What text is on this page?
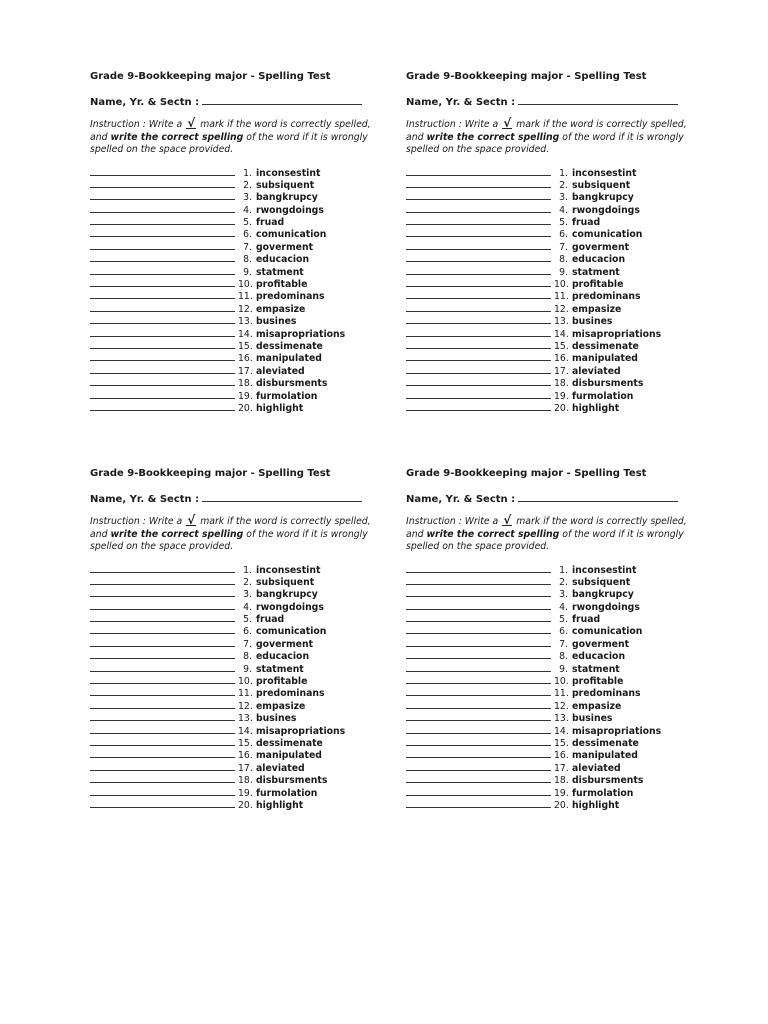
Grade 9-Bookkeeping major - Spelling Test
Name, Yr. & Sectn :
Instruction : Write a √ mark if the word is correctly spelled, and write the correct spelling of the word if it is wrongly spelled on the space provided.
1. inconsestint
2. subsiquent
3. bangkrupcy
4. rwongdoings
5. fruad
6. comunication
7. goverment
8. educacion
9. statment
10. profitable
11. predominans
12. empasize
13. busines
14. misapropriations
15. dessimenate
16. manipulated
17. aleviated
18. disbursments
19. furmolation
20. highlight
Grade 9-Bookkeeping major - Spelling Test
Name, Yr. & Sectn :
Instruction : Write a √ mark if the word is correctly spelled, and write the correct spelling of the word if it is wrongly spelled on the space provided.
1. inconsestint
2. subsiquent
3. bangkrupcy
4. rwongdoings
5. fruad
6. comunication
7. goverment
8. educacion
9. statment
10. profitable
11. predominans
12. empasize
13. busines
14. misapropriations
15. dessimenate
16. manipulated
17. aleviated
18. disbursments
19. furmolation
20. highlight
Grade 9-Bookkeeping major - Spelling Test
Name, Yr. & Sectn :
Instruction : Write a √ mark if the word is correctly spelled, and write the correct spelling of the word if it is wrongly spelled on the space provided.
1. inconsestint
2. subsiquent
3. bangkrupcy
4. rwongdoings
5. fruad
6. comunication
7. goverment
8. educacion
9. statment
10. profitable
11. predominans
12. empasize
13. busines
14. misapropriations
15. dessimenate
16. manipulated
17. aleviated
18. disbursments
19. furmolation
20. highlight
Grade 9-Bookkeeping major - Spelling Test
Name, Yr. & Sectn :
Instruction : Write a √ mark if the word is correctly spelled, and write the correct spelling of the word if it is wrongly spelled on the space provided.
1. inconsestint
2. subsiquent
3. bangkrupcy
4. rwongdoings
5. fruad
6. comunication
7. goverment
8. educacion
9. statment
10. profitable
11. predominans
12. empasize
13. busines
14. misapropriations
15. dessimenate
16. manipulated
17. aleviated
18. disbursments
19. furmolation
20. highlight
